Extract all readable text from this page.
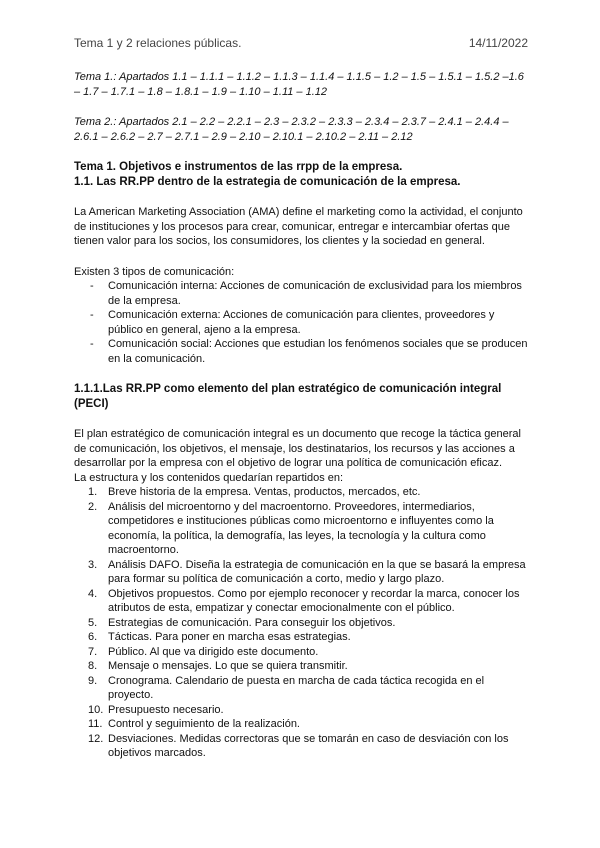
Tema 1 y 2 relaciones públicas.	14/11/2022

Tema 1.: Apartados 1.1 – 1.1.1 – 1.1.2 – 1.1.3 – 1.1.4 – 1.1.5 – 1.2 – 1.5 – 1.5.1 – 1.5.2 –1.6 – 1.7 – 1.7.1 – 1.8 – 1.8.1 – 1.9 – 1.10 – 1.11 – 1.12

Tema 2.: Apartados 2.1 – 2.2 – 2.2.1 – 2.3 – 2.3.2 – 2.3.3 – 2.3.4 – 2.3.7 – 2.4.1 – 2.4.4 – 2.6.1 – 2.6.2 – 2.7 – 2.7.1 – 2.9 – 2.10 – 2.10.1 – 2.10.2 – 2.11 – 2.12

Tema 1. Objetivos e instrumentos de las rrpp de la empresa.

1.1. Las RR.PP dentro de la estrategia de comunicación de la empresa.

La American Marketing Association (AMA) define el marketing como la actividad, el conjunto de instituciones y los procesos para crear, comunicar, entregar e intercambiar ofertas que tienen valor para los socios, los consumidores, los clientes y la sociedad en general.

Existen 3 tipos de comunicación:

- Comunicación interna: Acciones de comunicación de exclusividad para los miembros de la empresa.
- Comunicación externa: Acciones de comunicación para clientes, proveedores y público en general, ajeno a la empresa.
- Comunicación social: Acciones que estudian los fenómenos sociales que se producen en la comunicación.

1.1.1.Las RR.PP como elemento del plan estratégico de comunicación integral (PECI)

El plan estratégico de comunicación integral es un documento que recoge la táctica general de comunicación, los objetivos, el mensaje, los destinatarios, los recursos y las acciones a desarrollar por la empresa con el objetivo de lograr una política de comunicación eficaz.

La estructura y los contenidos quedarían repartidos en:

1. Breve historia de la empresa. Ventas, productos, mercados, etc.
2. Análisis del microentorno y del macroentorno. Proveedores, intermediarios, competidores e instituciones públicas como microentorno e influyentes como la economía, la política, la demografía, las leyes, la tecnología y la cultura como macroentorno.
3. Análisis DAFO. Diseña la estrategia de comunicación en la que se basará la empresa para formar su política de comunicación a corto, medio y largo plazo.
4. Objetivos propuestos. Como por ejemplo reconocer y recordar la marca, conocer los atributos de esta, empatizar y conectar emocionalmente con el público.
5. Estrategias de comunicación. Para conseguir los objetivos.
6. Tácticas. Para poner en marcha esas estrategias.
7. Público. Al que va dirigido este documento.
8. Mensaje o mensajes. Lo que se quiera transmitir.
9. Cronograma. Calendario de puesta en marcha de cada táctica recogida en el proyecto.
10. Presupuesto necesario.
11. Control y seguimiento de la realización.
12. Desviaciones. Medidas correctoras que se tomarán en caso de desviación con los objetivos marcados.
